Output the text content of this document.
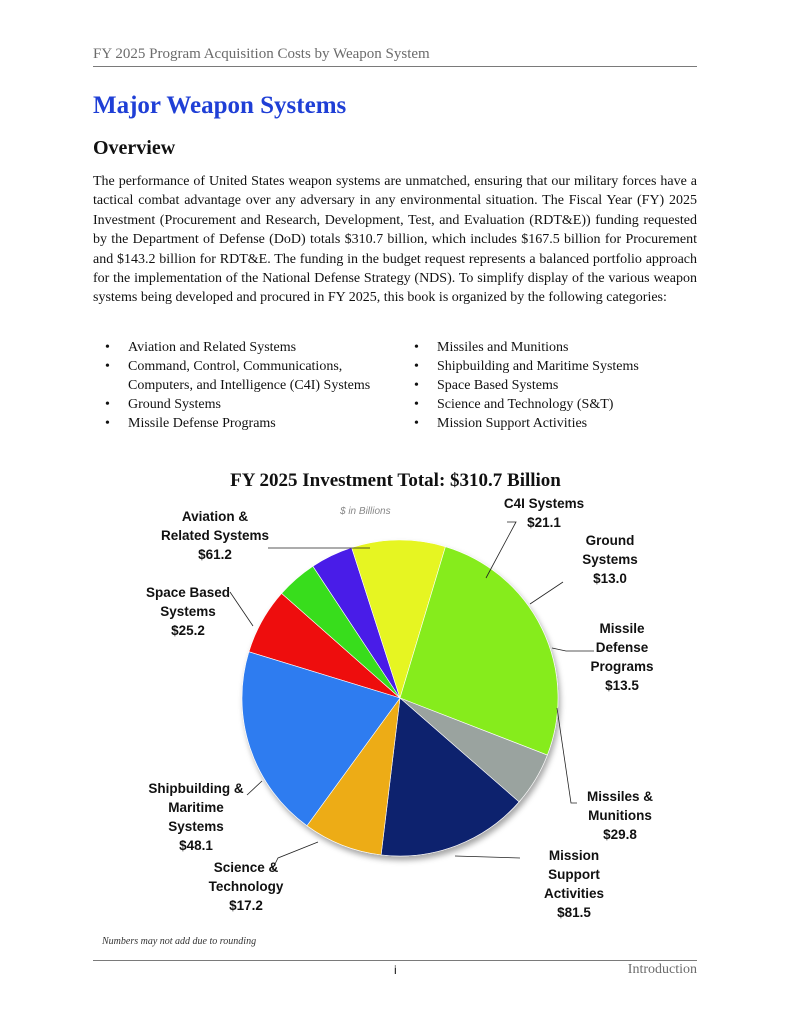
FY 2025 Program Acquisition Costs by Weapon System
Major Weapon Systems
Overview

The performance of United States weapon systems are unmatched, ensuring that our military forces have a tactical combat advantage over any adversary in any environmental situation. The Fiscal Year (FY) 2025 Investment (Procurement and Research, Development, Test, and Evaluation (RDT&E)) funding requested by the Department of Defense (DoD) totals $310.7 billion, which includes $167.5 billion for Procurement and $143.2 billion for RDT&E. The funding in the budget request represents a balanced portfolio approach for the implementation of the National Defense Strategy (NDS). To simplify display of the various weapon systems being developed and procured in FY 2025, this book is organized by the following categories:

• Aviation and Related Systems
• Command, Control, Communications, Computers, and Intelligence (C4I) Systems
• Ground Systems
• Missile Defense Programs
• Missiles and Munitions
• Shipbuilding and Maritime Systems
• Space Based Systems
• Science and Technology (S&T)
• Mission Support Activities
FY 2025 Investment Total: $310.7 Billion
$ in Billions
C4I Systems
$21.1
Ground
Systems
$13.0
Missile
Defense
Programs
$13.5
Missiles &
Munitions
$29.8
Mission
Support
Activities
$81.5
Science &
Technology
$17.2
Shipbuilding &
Maritime
Systems
$48.1
Space Based
Systems
$25.2
Aviation &
Related Systems
$61.2
Numbers may not add due to rounding
i	Introduction
